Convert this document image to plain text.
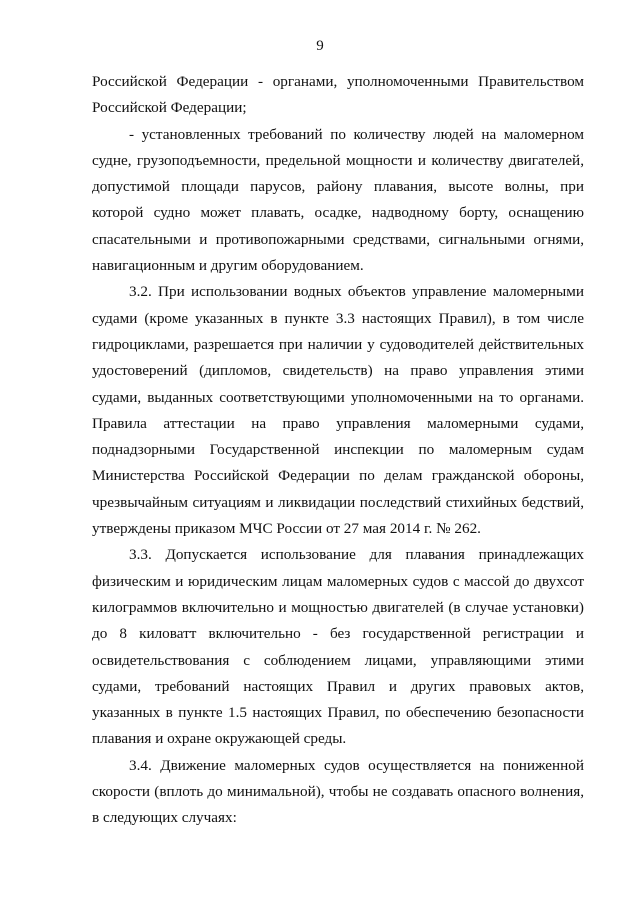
9
Российской Федерации - органами, уполномоченными Правительством
Российской Федерации;
- установленных требований по количеству людей на маломерном
судне, грузоподъемности, предельной мощности и количеству двигателей,
допустимой площади парусов, району плавания, высоте волны, при
которой судно может плавать, осадке, надводному борту, оснащению
спасательными и противопожарными средствами, сигнальными огнями,
навигационным и другим оборудованием.
3.2. При использовании водных объектов управление маломерными
судами (кроме указанных в пункте 3.3 настоящих Правил), в том числе
гидроциклами, разрешается при наличии у судоводителей действительных
удостоверений (дипломов, свидетельств) на право управления этими
судами, выданных соответствующими уполномоченными на то органами.
Правила аттестации на право управления маломерными судами,
поднадзорными Государственной инспекции по маломерным судам
Министерства Российской Федерации по делам гражданской обороны,
чрезвычайным ситуациям и ликвидации последствий стихийных бедствий,
утверждены приказом МЧС России от 27 мая 2014 г. № 262.
3.3. Допускается использование для плавания принадлежащих
физическим и юридическим лицам маломерных судов с массой до двухсот
килограммов включительно и мощностью двигателей (в случае установки)
до 8 киловатт включительно - без государственной регистрации и
освидетельствования с соблюдением лицами, управляющими этими
судами, требований настоящих Правил и других правовых актов,
указанных в пункте 1.5 настоящих Правил, по обеспечению безопасности
плавания и охране окружающей среды.
3.4. Движение маломерных судов осуществляется на пониженной
скорости (вплоть до минимальной), чтобы не создавать опасного волнения,
в следующих случаях:
